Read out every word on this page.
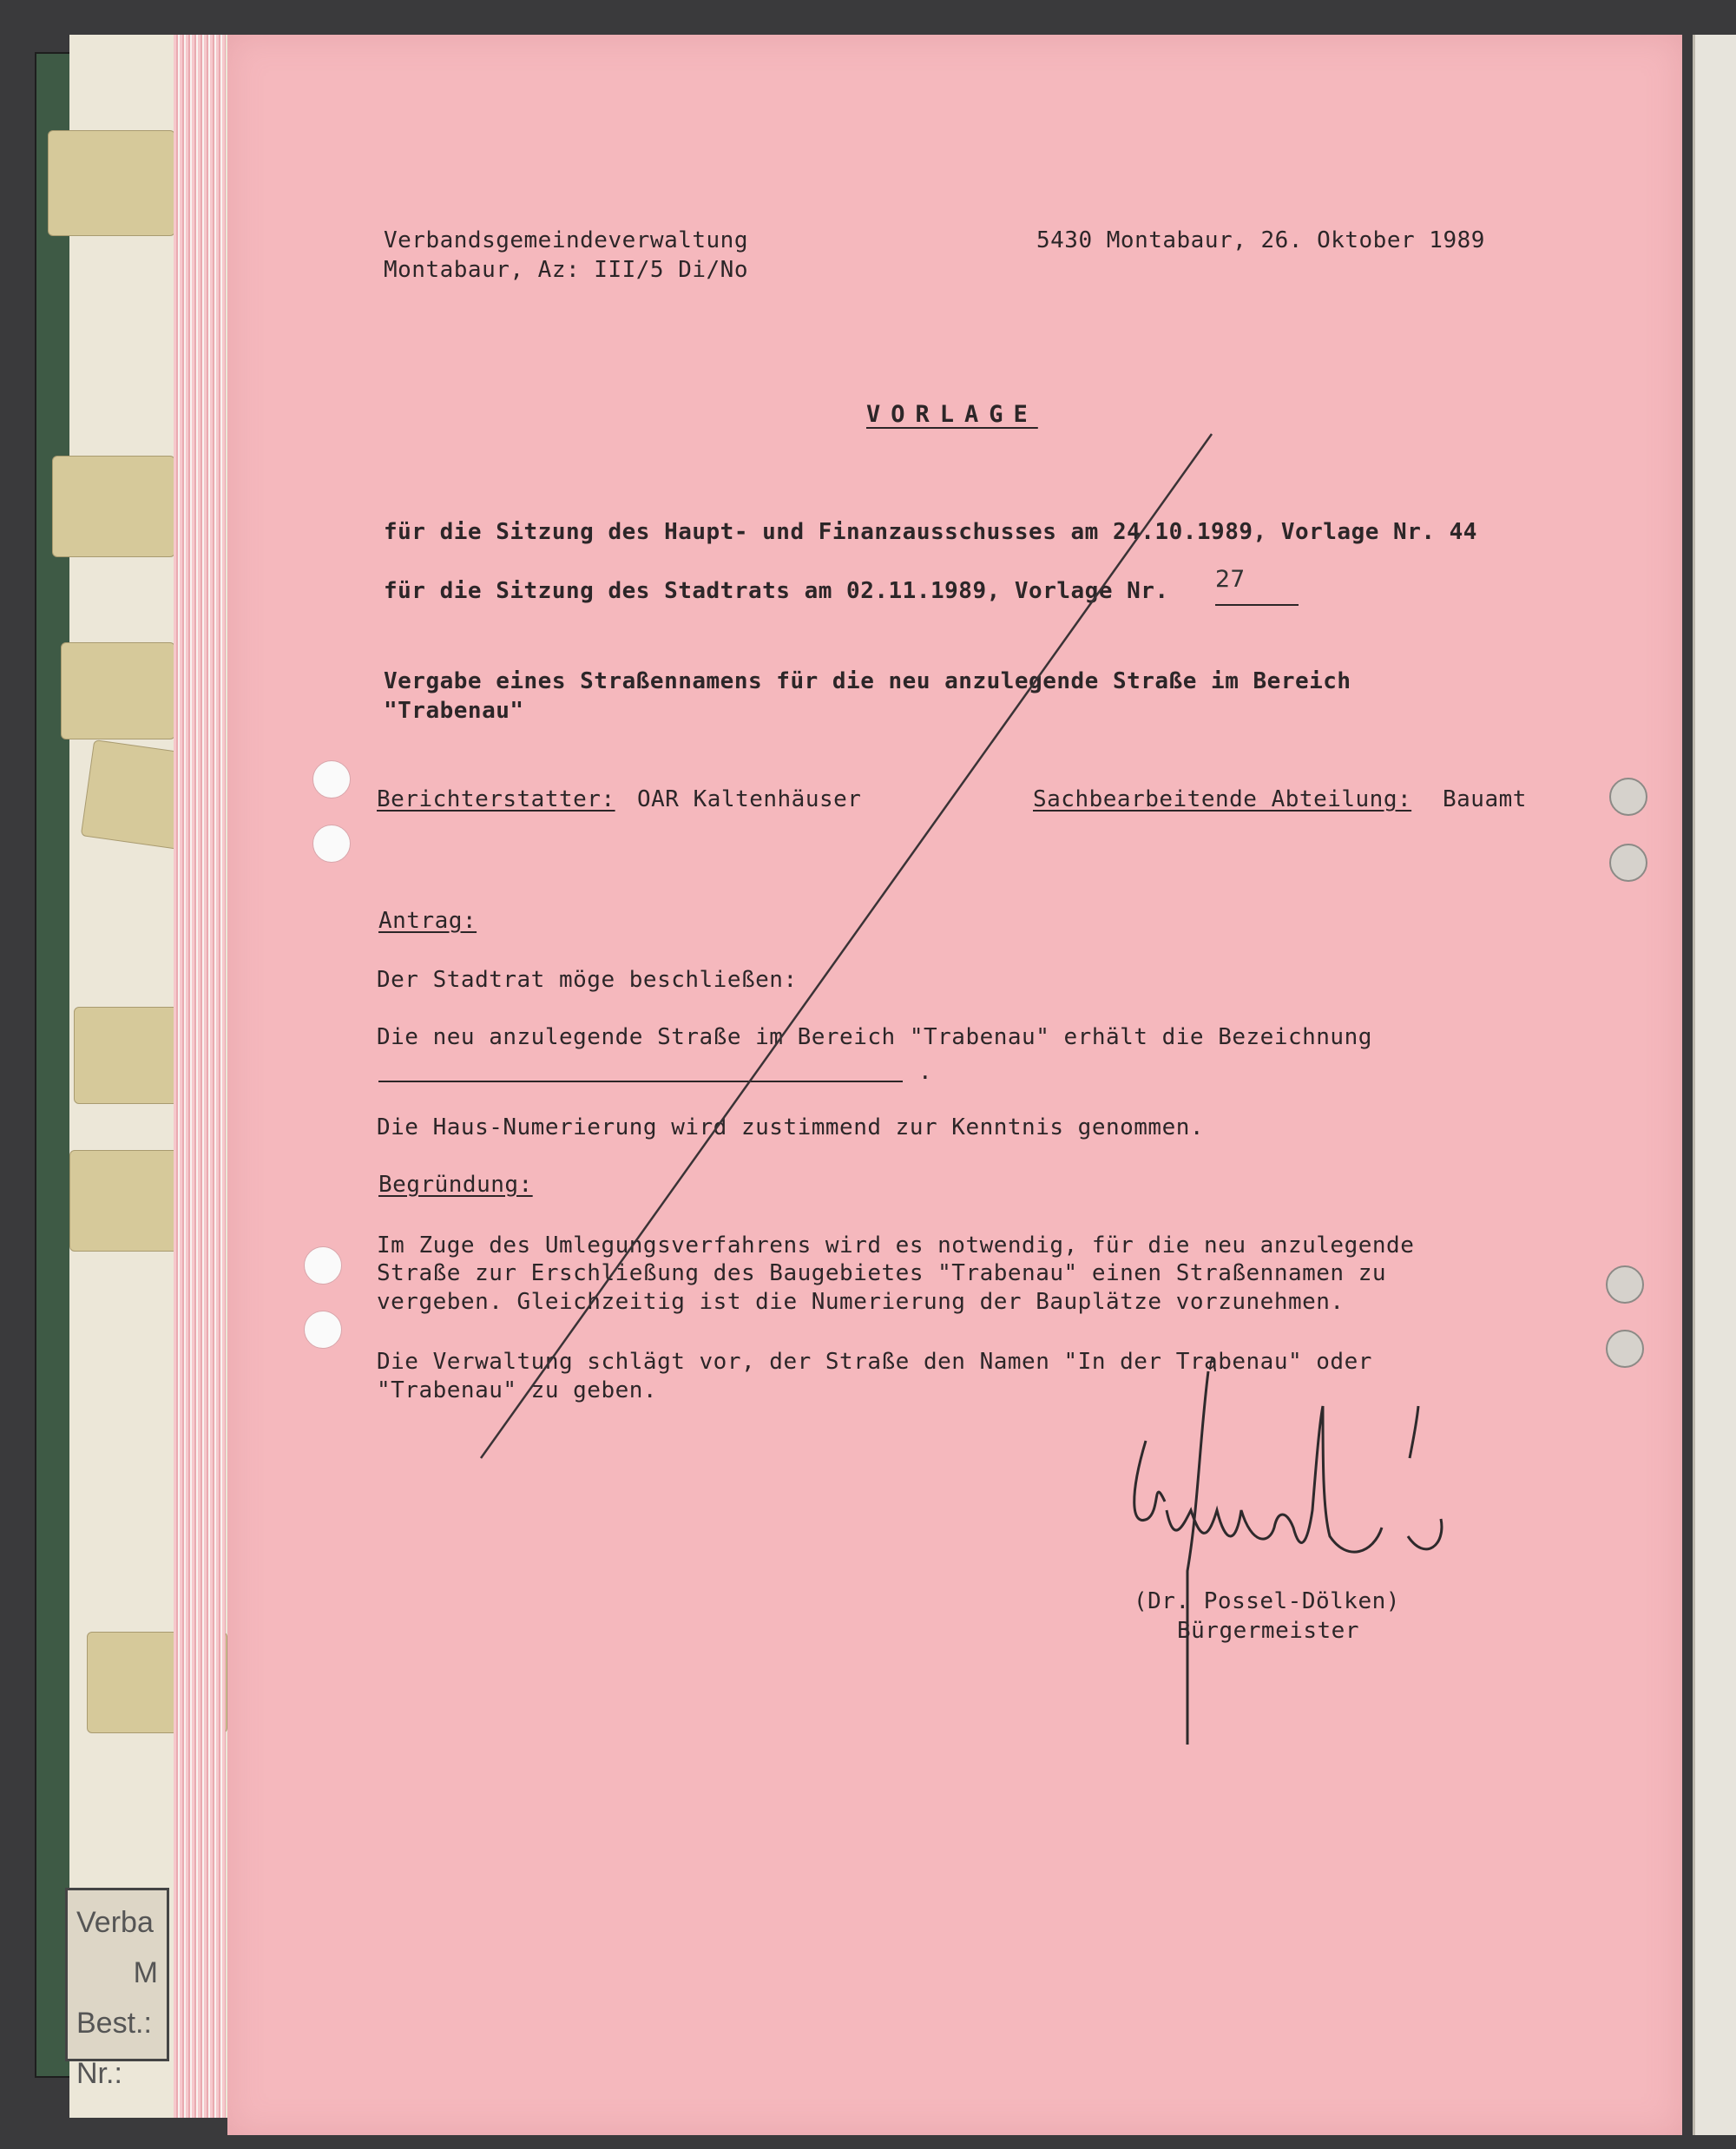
Verba
M
Best.:
Nr.:
Verbandsgemeindeverwaltung
Montabaur, Az: III/5 Di/No
5430 Montabaur, 26. Oktober 1989
VORLAGE
für die Sitzung des Haupt- und Finanzausschusses am 24.10.1989, Vorlage Nr. 44
für die Sitzung des Stadtrats am 02.11.1989, Vorlage Nr. 27
Vergabe eines Straßennamens für die neu anzulegende Straße im Bereich
"Trabenau"
Berichterstatter: OAR Kaltenhäuser	Sachbearbeitende Abteilung: Bauamt
Antrag:
Der Stadtrat möge beschließen:
Die neu anzulegende Straße im Bereich "Trabenau" erhält die Bezeichnung
.
Die Haus-Numerierung wird zustimmend zur Kenntnis genommen.
Begründung:
Im Zuge des Umlegungsverfahrens wird es notwendig, für die neu anzulegende
Straße zur Erschließung des Baugebietes "Trabenau" einen Straßennamen zu
vergeben. Gleichzeitig ist die Numerierung der Bauplätze vorzunehmen.
Die Verwaltung schlägt vor, der Straße den Namen "In der Trabenau" oder
"Trabenau" zu geben.
(Dr. Possel-Dölken)
Bürgermeister
